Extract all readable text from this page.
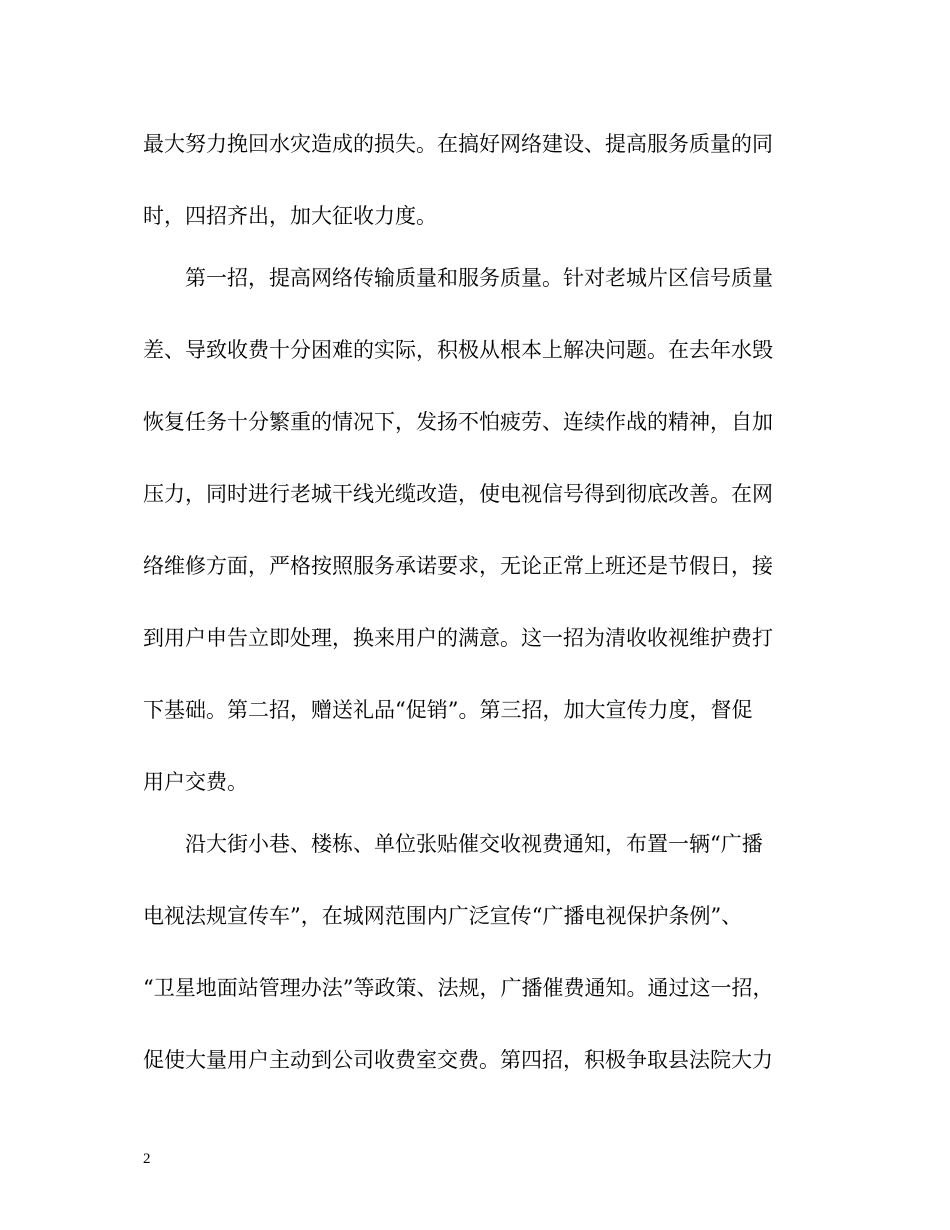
最大努力挽回水灾造成的损失。在搞好网络建设、提高服务质量的同
时，四招齐出，加大征收力度。
第一招，提高网络传输质量和服务质量。针对老城片区信号质量
差、导致收费十分困难的实际，积极从根本上解决问题。在去年水毁
恢复任务十分繁重的情况下，发扬不怕疲劳、连续作战的精神，自加
压力，同时进行老城干线光缆改造，使电视信号得到彻底改善。在网
络维修方面，严格按照服务承诺要求，无论正常上班还是节假日，接
到用户申告立即处理，换来用户的满意。这一招为清收收视维护费打
下基础。第二招，赠送礼品“促销”。第三招，加大宣传力度，督促
用户交费。
沿大街小巷、楼栋、单位张贴催交收视费通知，布置一辆“广播
电视法规宣传车”，在城网范围内广泛宣传“广播电视保护条例”、
“卫星地面站管理办法”等政策、法规，广播催费通知。通过这一招，
促使大量用户主动到公司收费室交费。第四招，积极争取县法院大力
2
